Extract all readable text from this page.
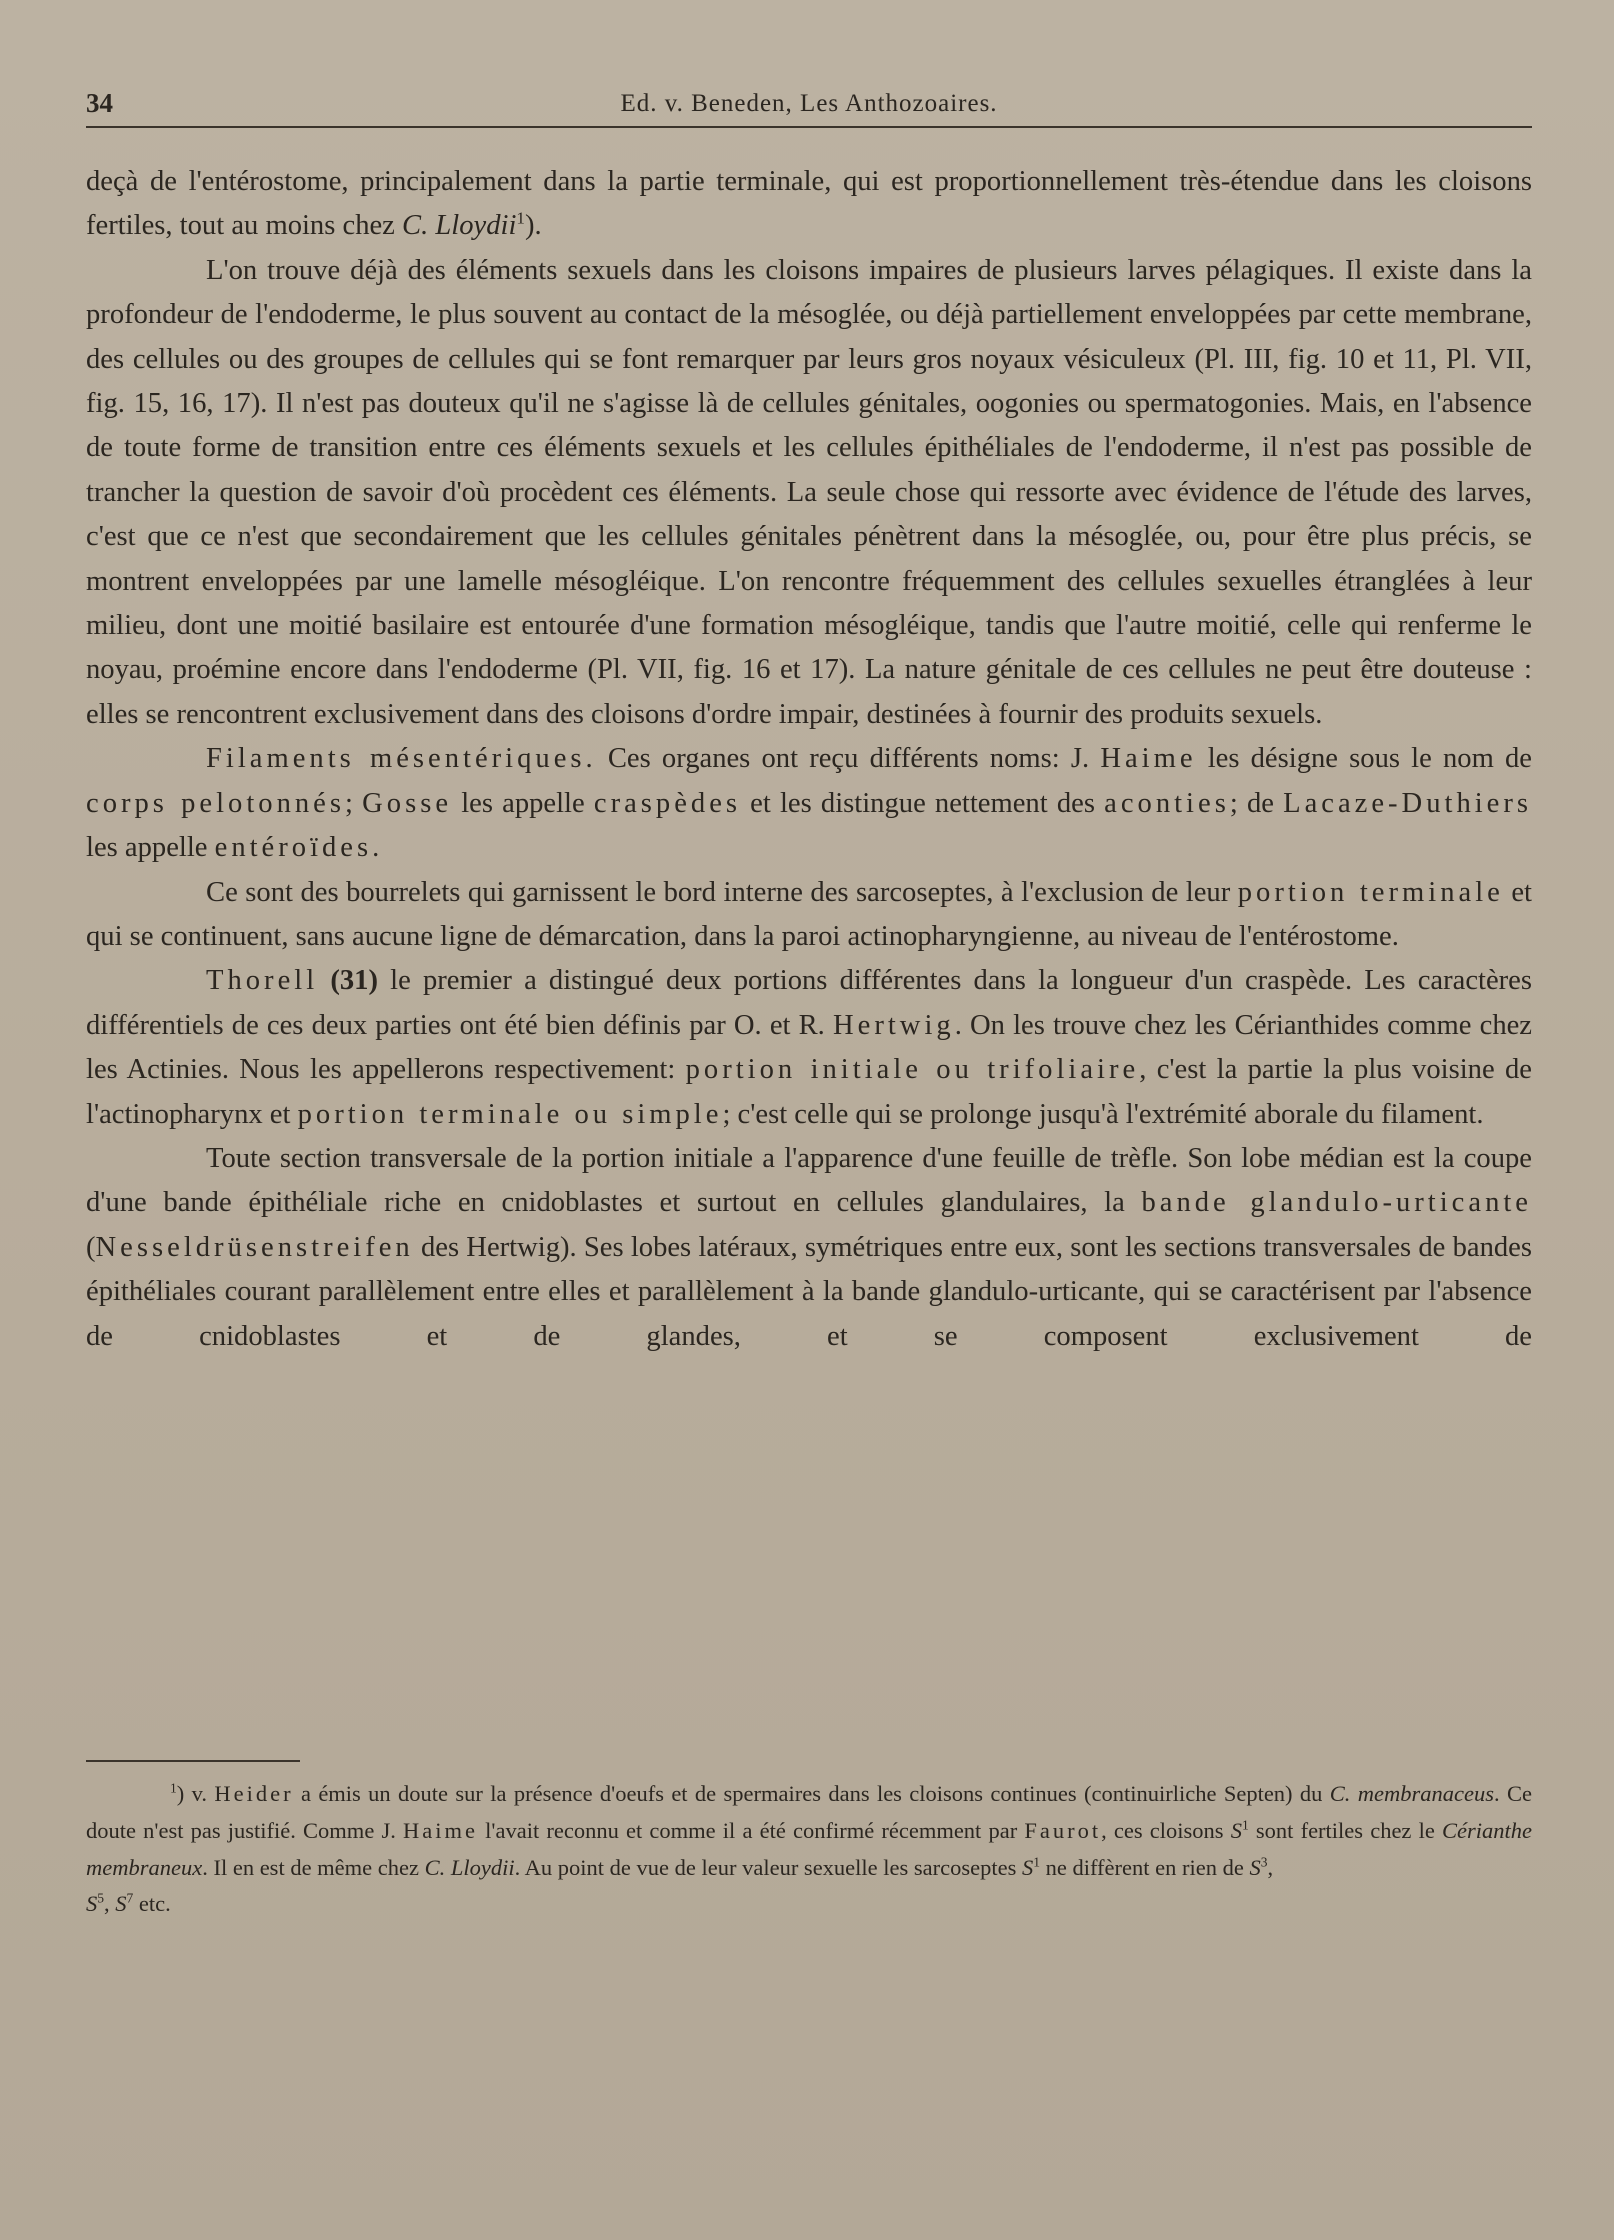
34	Ed. v. Beneden, Les Anthozoaires.

deçà de l'entérostome, principalement dans la partie terminale, qui est proportionnellement très-étendue dans les cloisons fertiles, tout au moins chez C. Lloydii$^1$).

L'on trouve déjà des éléments sexuels dans les cloisons impaires de plusieurs larves pélagiques. Il existe dans la profondeur de l'endoderme, le plus souvent au contact de la mésoglée, ou déjà partiellement enveloppées par cette membrane, des cellules ou des groupes de cellules qui se font remarquer par leurs gros noyaux vésiculeux (Pl. III, fig. 10 et 11, Pl. VII, fig. 15, 16, 17). Il n'est pas douteux qu'il ne s'agisse là de cellules génitales, oogonies ou spermatogonies. Mais, en l'absence de toute forme de transition entre ces éléments sexuels et les cellules épithéliales de l'endoderme, il n'est pas possible de trancher la question de savoir d'où procèdent ces éléments. La seule chose qui ressorte avec évidence de l'étude des larves, c'est que ce n'est que secondairement que les cellules génitales pénètrent dans la mésoglée, ou, pour être plus précis, se montrent enveloppées par une lamelle mésogléique. L'on rencontre fréquemment des cellules sexuelles étranglées à leur milieu, dont une moitié basilaire est entourée d'une formation mésogléique, tandis que l'autre moitié, celle qui renferme le noyau, proémine encore dans l'endoderme (Pl. VII, fig. 16 et 17). La nature génitale de ces cellules ne peut être douteuse : elles se rencontrent exclusivement dans des cloisons d'ordre impair, destinées à fournir des produits sexuels.

Filaments mésentériques. Ces organes ont reçu différents noms: J. Haime les désigne sous le nom de corps pelotonnés; Gosse les appelle craspèdes et les distingue nettement des aconties; de Lacaze-Duthiers les appelle entéroïdes.

Ce sont des bourrelets qui garnissent le bord interne des sarcoseptes, à l'exclusion de leur portion terminale et qui se continuent, sans aucune ligne de démarcation, dans la paroi actinopharyngienne, au niveau de l'entérostome.

Thorell (31) le premier a distingué deux portions différentes dans la longueur d'un craspède. Les caractères différentiels de ces deux parties ont été bien définis par O. et R. Hertwig. On les trouve chez les Cérianthides comme chez les Actinies. Nous les appellerons respectivement: portion initiale ou trifoliaire, c'est la partie la plus voisine de l'actinopharynx et portion terminale ou simple; c'est celle qui se prolonge jusqu'à l'extrémité aborale du filament.

Toute section transversale de la portion initiale a l'apparence d'une feuille de trèfle. Son lobe médian est la coupe d'une bande épithéliale riche en cnidoblastes et surtout en cellules glandulaires, la bande glandulo-urticante (Nesseldrüsenstreifen des Hertwig). Ses lobes latéraux, symétriques entre eux, sont les sections transversales de bandes épithéliales courant parallèlement entre elles et parallèlement à la bande glandulo-urticante, qui se caractérisent par l'absence de cnidoblastes et de glandes, et se composent exclusivement de

$^1$) v. Heider a émis un doute sur la présence d'oeufs et de spermaires dans les cloisons continues (continuirliche Septen) du C. membranaceus. Ce doute n'est pas justifié. Comme J. Haime l'avait reconnu et comme il a été confirmé récemment par Faurot, ces cloisons $S^1$ sont fertiles chez le Cérianthe membraneux. Il en est de même chez C. Lloydii. Au point de vue de leur valeur sexuelle les sarcoseptes $S^1$ ne diffèrent en rien de $S^3$,
$S^5$, $S^7$ etc.
